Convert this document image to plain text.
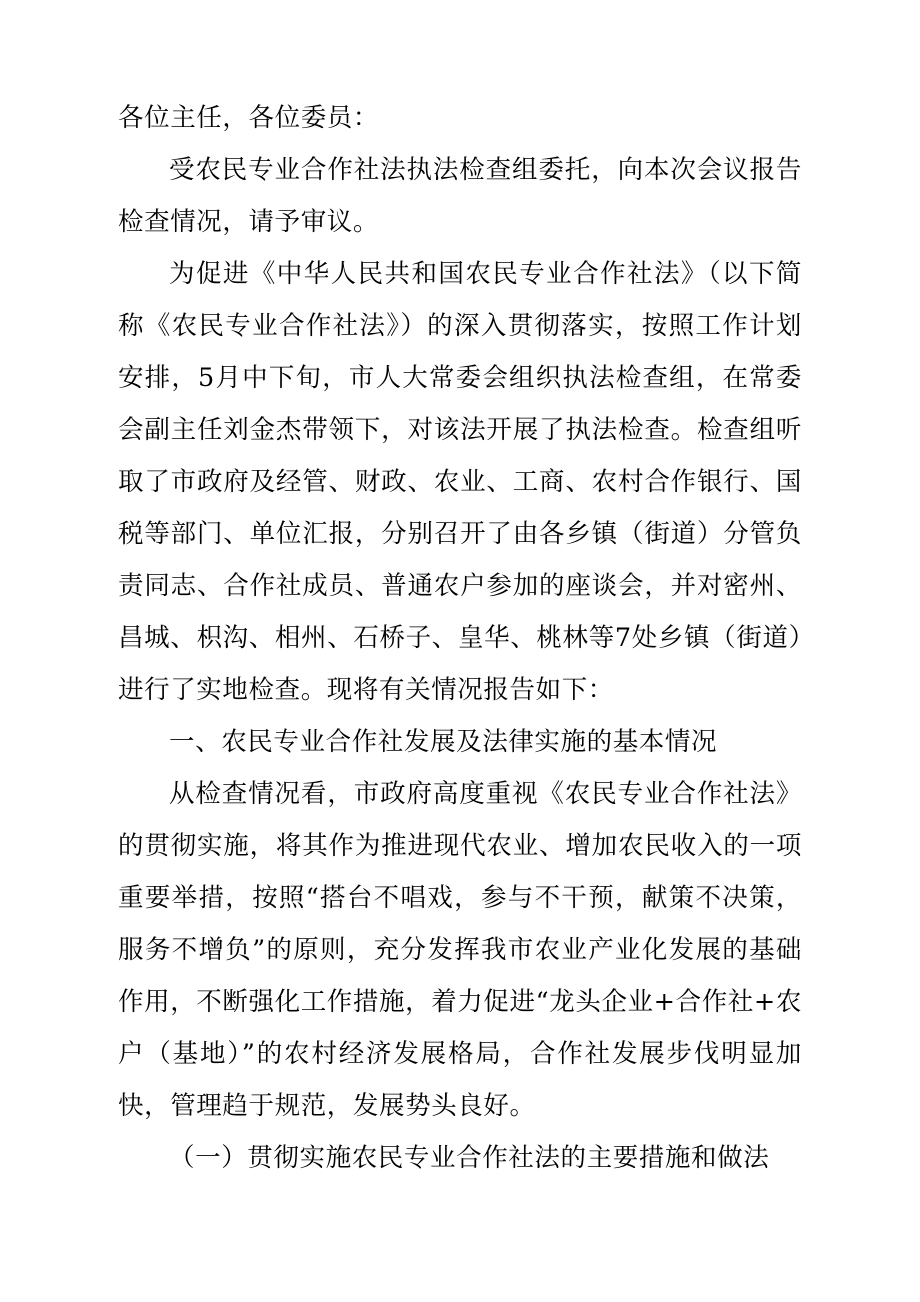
各位主任，各位委员：

受农民专业合作社法执法检查组委托，向本次会议报告检查情况，请予审议。

为促进《中华人民共和国农民专业合作社法》（以下简称《农民专业合作社法》）的深入贯彻落实，按照工作计划安排，5月中下旬，市人大常委会组织执法检查组，在常委会副主任刘金杰带领下，对该法开展了执法检查。检查组听取了市政府及经管、财政、农业、工商、农村合作银行、国税等部门、单位汇报，分别召开了由各乡镇（街道）分管负责同志、合作社成员、普通农户参加的座谈会，并对密州、昌城、枳沟、相州、石桥子、皇华、桃林等7处乡镇（街道）进行了实地检查。现将有关情况报告如下：

一、农民专业合作社发展及法律实施的基本情况

从检查情况看，市政府高度重视《农民专业合作社法》的贯彻实施，将其作为推进现代农业、增加农民收入的一项重要举措，按照“搭台不唱戏，参与不干预，献策不决策，服务不增负”的原则，充分发挥我市农业产业化发展的基础作用，不断强化工作措施，着力促进“龙头企业+合作社+农户（基地）”的农村经济发展格局，合作社发展步伐明显加快，管理趋于规范，发展势头良好。

（一）贯彻实施农民专业合作社法的主要措施和做法
